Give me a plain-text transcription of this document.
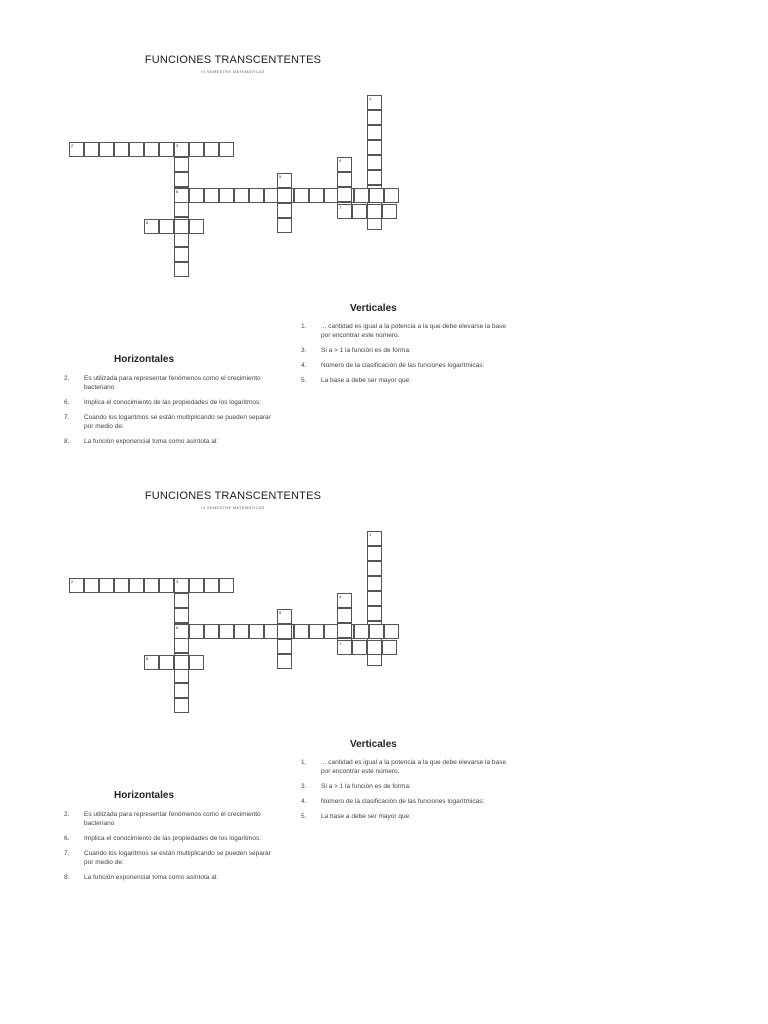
FUNCIONES TRANSCENTENTES
IV SEMESTRE MATEMÁTICAS
1
2	3
6
5
4
7
8
Verticales
1. ... cantidad es igual a la potencia a la que debe elevarse la base por encontrar este número.
3. Si a > 1 la función es de forma:
4. Número de la clasificación de las funciones logarítmicas:
5. La base a debe ser mayor que:
Horizontales
2. Es utilizada para representar fenómenos como el crecimiento bacteriano
6. Implica el conocimiento de las propiedades de los logaritmos:
7. Cuando los logaritmos se están multiplicando se pueden separar por medio de:
8. La función exponencial toma como asíntota al:
FUNCIONES TRANSCENTENTES
IV SEMESTRE MATEMÁTICAS
1
2	3
6
5
4
7
8
Verticales
1. ... cantidad es igual a la potencia a la que debe elevarse la base por encontrar este número.
3. Si a > 1 la función es de forma:
4. Número de la clasificación de las funciones logarítmicas:
5. La base a debe ser mayor que:
Horizontales
2. Es utilizada para representar fenómenos como el crecimiento bacteriano
6. Implica el conocimiento de las propiedades de los logaritmos:
7. Cuando los logaritmos se están multiplicando se pueden separar por medio de:
8. La función exponencial toma como asíntota al:
